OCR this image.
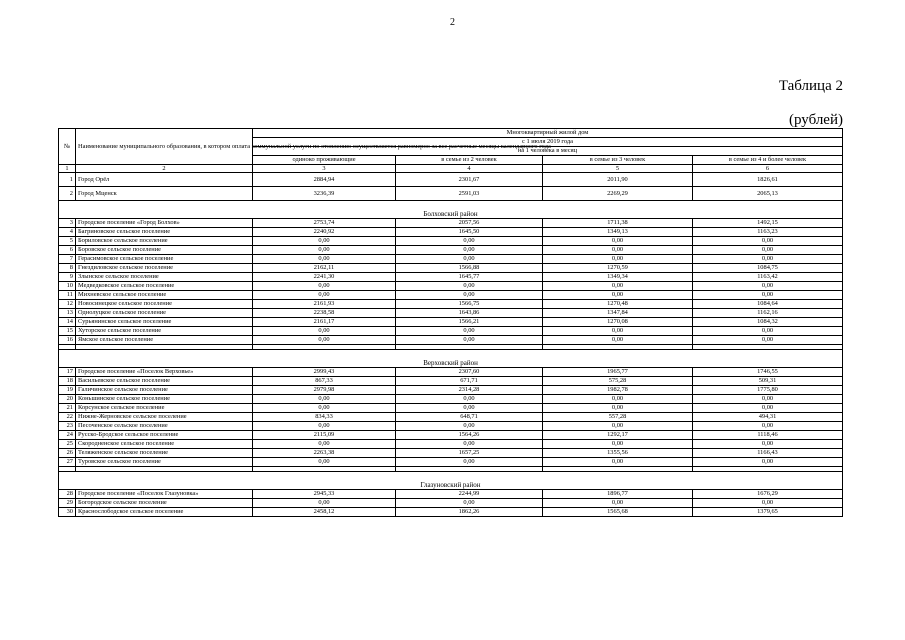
2
Таблица 2
(рублей)
№	Наименование муниципального образования, в котором оплата коммунальной услуги по отоплению осуществляется равномерно за все расчетные месяцы календарного года	Многоквартирный жилой дом			
		с 1 июля 2019 года			
		на 1 человека в месяц			
		одиноко проживающие	в семье из 2 человек	в семье из 3 человек	в семье из 4 и более человек
1	2	3	4	5	6
1	Город Орёл	2884,94	2301,67	2011,90	1826,61
2	Город Мценск	3236,39	2591,03	2269,29	2065,13
Болховский район					
3	Городское поселение «Город Болхов»	2753,74	2057,56	1711,38	1492,15
4	Багриновское сельское поселение	2240,92	1645,50	1349,13	1163,23
5	Бориловское сельское поселение	0,00	0,00	0,00	0,00
6	Боровское сельское поселение	0,00	0,00	0,00	0,00
7	Герасимовское сельское поселение	0,00	0,00	0,00	0,00
8	Гнездиловское сельское поселение	2162,11	1566,88	1270,59	1084,75
9	Злынское сельское поселение	2241,30	1645,77	1349,34	1163,42
10	Медведковское сельское поселение	0,00	0,00	0,00	0,00
11	Михневское сельское поселение	0,00	0,00	0,00	0,00
12	Новосинецкое сельское поселение	2161,93	1566,75	1270,48	1084,64
13	Однолуцкое сельское поселение	2238,58	1643,86	1347,84	1162,16
14	Сурьянинское сельское поселение	2161,17	1566,21	1270,08	1084,32
15	Хуторское сельское поселение	0,00	0,00	0,00	0,00
16	Ямское сельское поселение	0,00	0,00	0,00	0,00

Верховский район					
17	Городское поселение «Поселок Верховье»	2999,43	2307,60	1965,77	1746,55
18	Васильевское сельское поселение	867,33	671,71	575,28	509,31
19	Галичинское сельское поселение	2979,98	2314,28	1982,78	1775,80
20	Коньшинское сельское поселение	0,00	0,00	0,00	0,00
21	Корсунское сельское поселение	0,00	0,00	0,00	0,00
22	Нижне-Жерновское сельское поселение	834,33	648,71	557,28	494,31
23	Песоченское сельское поселение	0,00	0,00	0,00	0,00
24	Русско-Бродское сельское поселение	2115,09	1564,26	1292,17	1118,46
25	Скородненское сельское поселение	0,00	0,00	0,00	0,00
26	Теляженское сельское поселение	2263,38	1657,25	1355,56	1166,43
27	Туровское сельское поселение	0,00	0,00	0,00	0,00

Глазуновский район					
28	Городское поселение «Поселок Глазуновка»	2945,33	2244,99	1896,77	1676,29
29	Богородское сельское поселение	0,00	0,00	0,00	0,00
30	Краснослободское сельское поселение	2458,12	1862,26	1565,68	1379,65
